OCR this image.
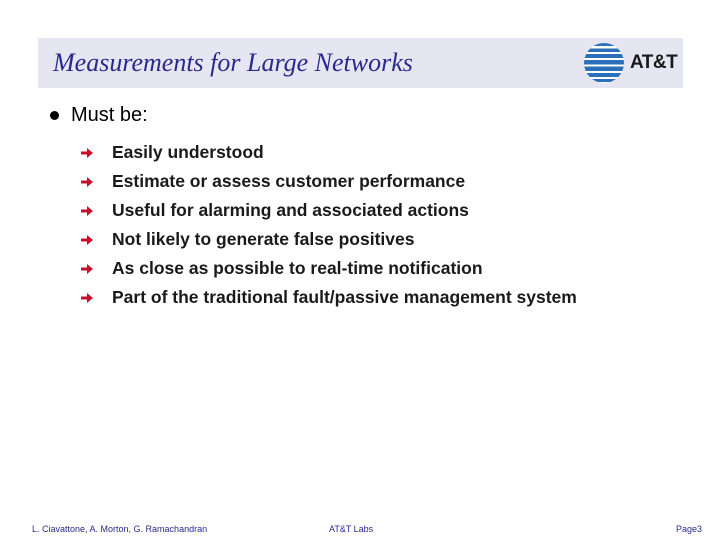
Measurements for Large Networks	AT&T
Must be:
Easily understood
Estimate or assess customer performance
Useful for alarming and associated actions
Not likely to generate false positives
As close as possible to real-time notification
Part of the traditional fault/passive management system
L. Ciavattone, A. Morton, G. Ramachandran	AT&T Labs	Page3
